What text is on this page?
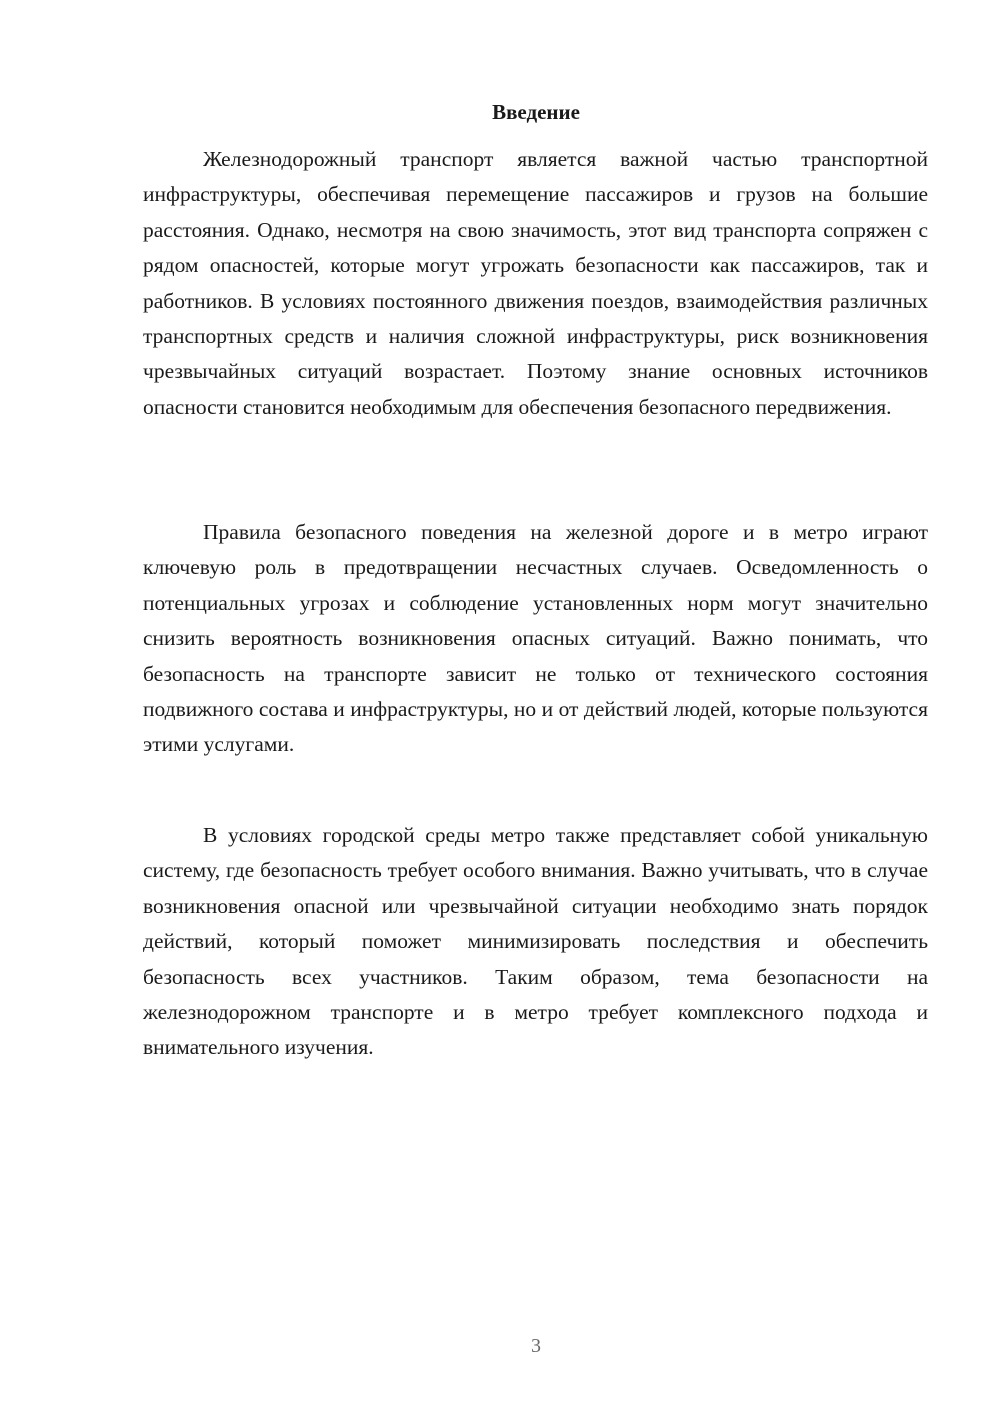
Введение

Железнодорожный транспорт является важной частью транспортной инфраструктуры, обеспечивая перемещение пассажиров и грузов на большие расстояния. Однако, несмотря на свою значимость, этот вид транспорта сопряжен с рядом опасностей, которые могут угрожать безопасности как пассажиров, так и работников. В условиях постоянного движения поездов, взаимодействия различных транспортных средств и наличия сложной инфраструктуры, риск возникновения чрезвычайных ситуаций возрастает. Поэтому знание основных источников опасности становится необходимым для обеспечения безопасного передвижения.

Правила безопасного поведения на железной дороге и в метро играют ключевую роль в предотвращении несчастных случаев. Осведомленность о потенциальных угрозах и соблюдение установленных норм могут значительно снизить вероятность возникновения опасных ситуаций. Важно понимать, что безопасность на транспорте зависит не только от технического состояния подвижного состава и инфраструктуры, но и от действий людей, которые пользуются этими услугами.

В условиях городской среды метро также представляет собой уникальную систему, где безопасность требует особого внимания. Важно учитывать, что в случае возникновения опасной или чрезвычайной ситуации необходимо знать порядок действий, который поможет минимизировать последствия и обеспечить безопасность всех участников. Таким образом, тема безопасности на железнодорожном транспорте и в метро требует комплексного подхода и внимательного изучения.

3
